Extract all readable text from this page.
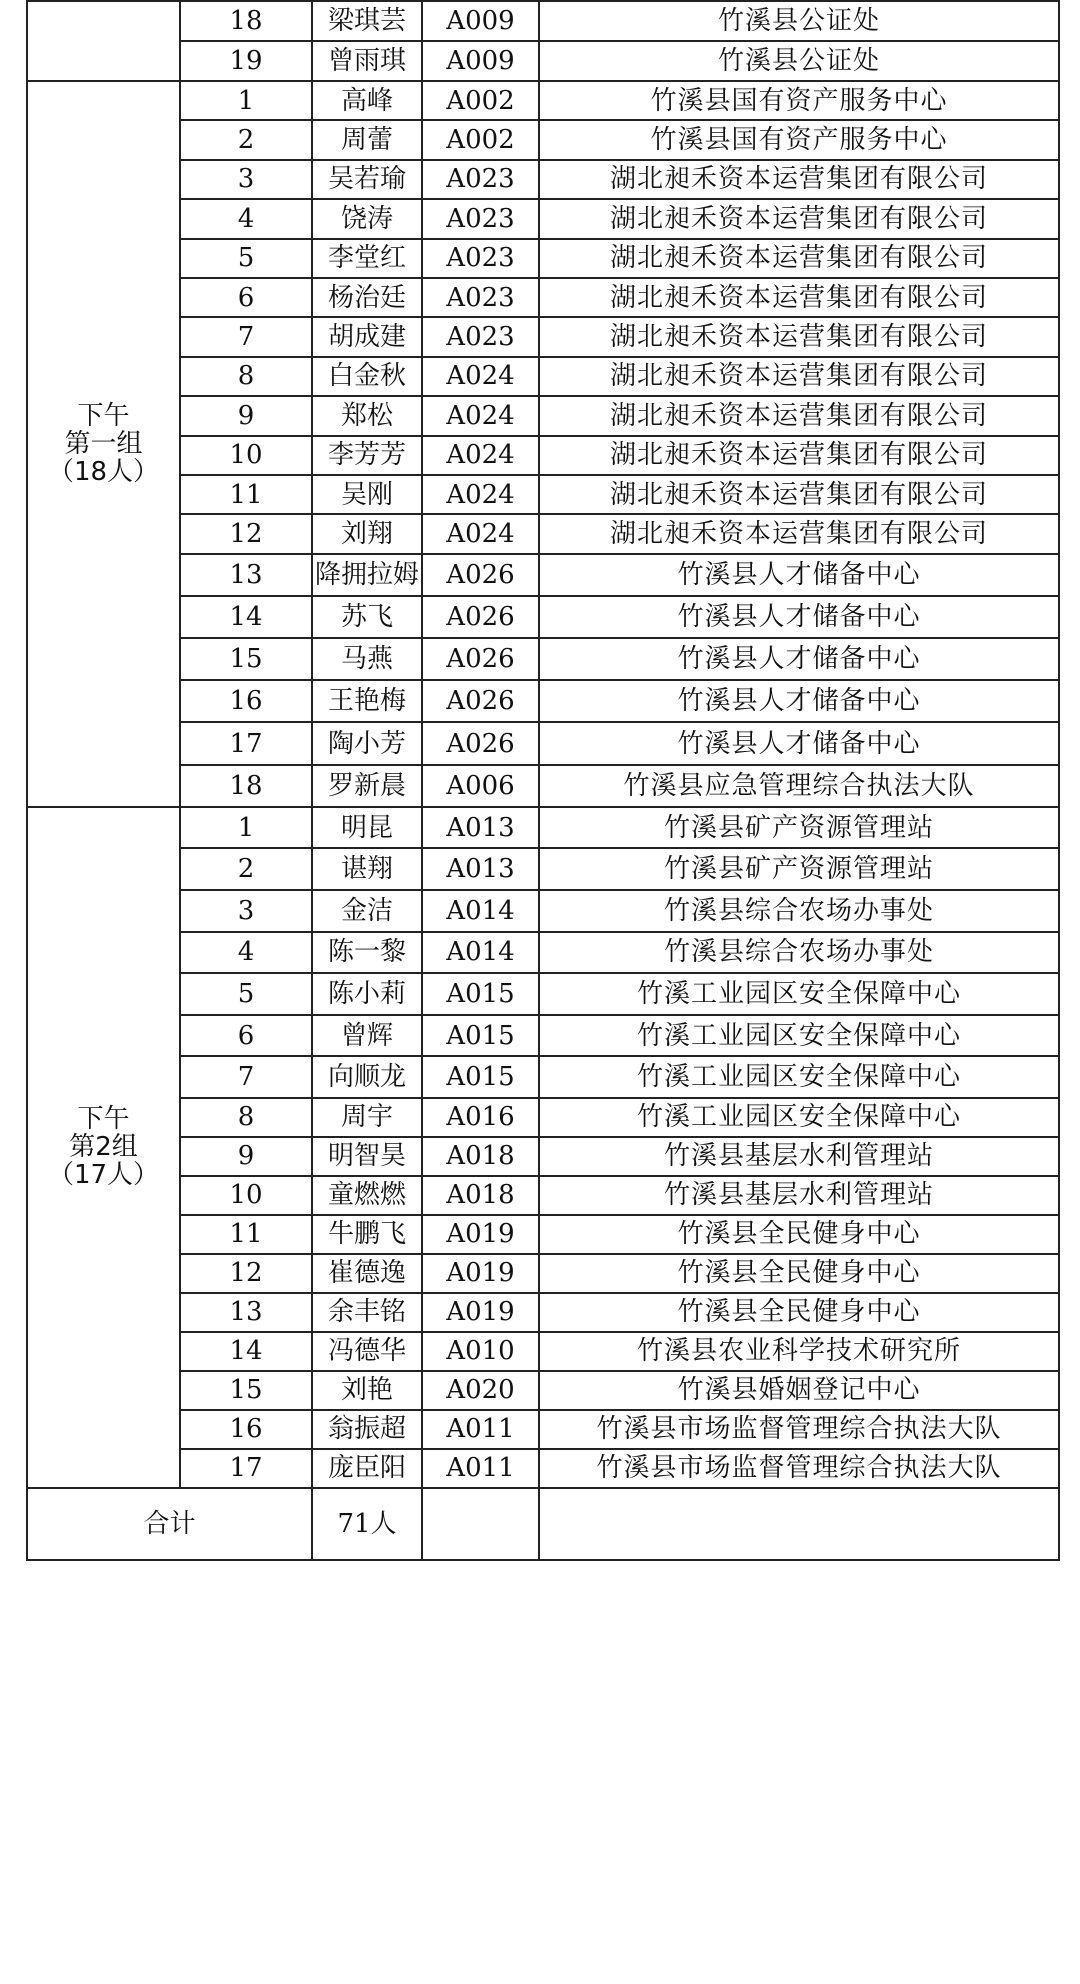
	18	梁琪芸	A009	竹溪县公证处
	19	曾雨琪	A009	竹溪县公证处

下午
第一组
（18人）	1	高峰	A002	竹溪县国有资产服务中心
	2	周蕾	A002	竹溪县国有资产服务中心
	3	吴若瑜	A023	湖北昶禾资本运营集团有限公司
	4	饶涛	A023	湖北昶禾资本运营集团有限公司
	5	李堂红	A023	湖北昶禾资本运营集团有限公司
	6	杨治廷	A023	湖北昶禾资本运营集团有限公司
	7	胡成建	A023	湖北昶禾资本运营集团有限公司
	8	白金秋	A024	湖北昶禾资本运营集团有限公司
	9	郑松	A024	湖北昶禾资本运营集团有限公司
	10	李芳芳	A024	湖北昶禾资本运营集团有限公司
	11	吴刚	A024	湖北昶禾资本运营集团有限公司
	12	刘翔	A024	湖北昶禾资本运营集团有限公司
	13	降拥拉姆	A026	竹溪县人才储备中心
	14	苏飞	A026	竹溪县人才储备中心
	15	马燕	A026	竹溪县人才储备中心
	16	王艳梅	A026	竹溪县人才储备中心
	17	陶小芳	A026	竹溪县人才储备中心
	18	罗新晨	A006	竹溪县应急管理综合执法大队

下午
第2组
（17人）	1	明昆	A013	竹溪县矿产资源管理站
	2	谌翔	A013	竹溪县矿产资源管理站
	3	金洁	A014	竹溪县综合农场办事处
	4	陈一黎	A014	竹溪县综合农场办事处
	5	陈小莉	A015	竹溪工业园区安全保障中心
	6	曾辉	A015	竹溪工业园区安全保障中心
	7	向顺龙	A015	竹溪工业园区安全保障中心
	8	周宇	A016	竹溪工业园区安全保障中心
	9	明智昊	A018	竹溪县基层水利管理站
	10	童燃燃	A018	竹溪县基层水利管理站
	11	牛鹏飞	A019	竹溪县全民健身中心
	12	崔德逸	A019	竹溪县全民健身中心
	13	余丰铭	A019	竹溪县全民健身中心
	14	冯德华	A010	竹溪县农业科学技术研究所
	15	刘艳	A020	竹溪县婚姻登记中心
	16	翁振超	A011	竹溪县市场监督管理综合执法大队
	17	庞臣阳	A011	竹溪县市场监督管理综合执法大队
合计		71人		
